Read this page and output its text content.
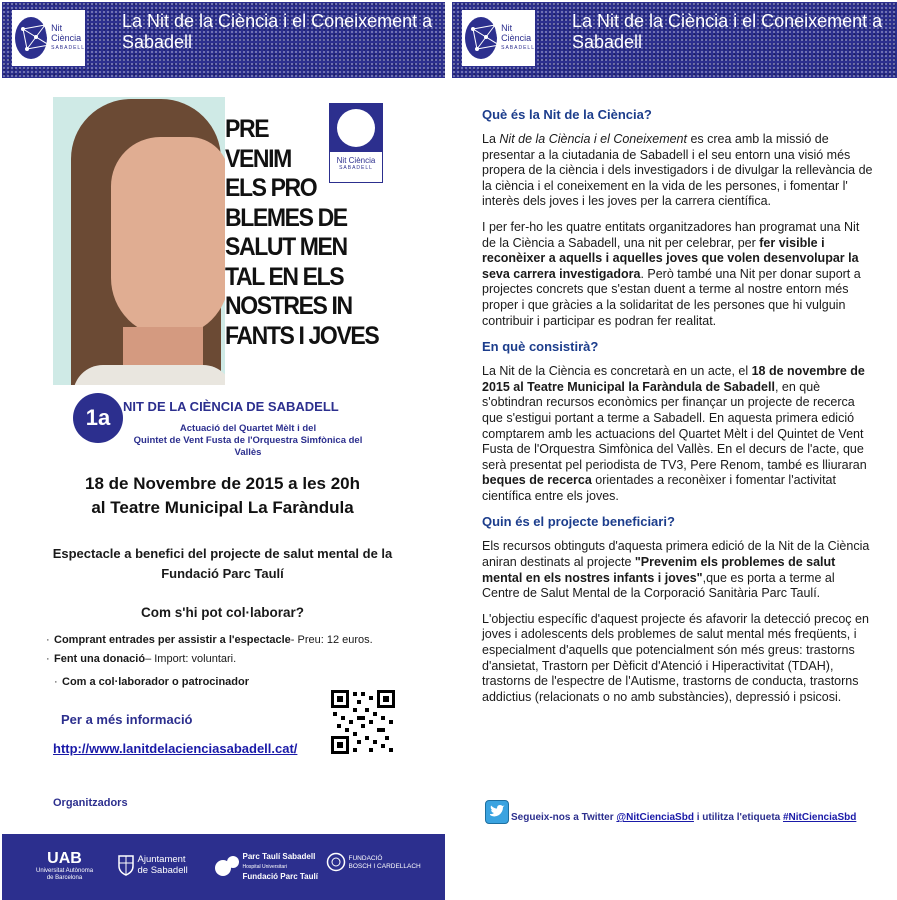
Nit Ciència
SABADELL
La Nit de la Ciència i el Coneixement a Sabadell
PRE
VENIM
ELS PRO
BLEMES DE
SALUT MEN
TAL EN ELS
NOSTRES IN
FANTS I JOVES
Nit Ciència
SABADELL
1a NIT DE LA CIÈNCIA DE SABADELL
Actuació del Quartet Mèlt i del
Quintet de Vent Fusta de l'Orquestra Simfònica del Vallès
18 de Novembre de 2015 a les 20h
al Teatre Municipal La Faràndula
Espectacle a benefici del projecte de salut mental de la
Fundació Parc Taulí
Com s'hi pot col·laborar?
· Comprant entrades per assistir a l'espectacle- Preu: 12 euros.
· Fent una donació– Import: voluntari.
· Com a col·laborador o patrocinador
Per a més informació
http://www.lanitdelacienciasabadell.cat/
Organitzadors
UAB
Universitat Autònoma
de Barcelona
Ajuntament
de Sabadell
Parc Taulí Sabadell
Hospital Universitari
Fundació Parc Taulí
FUNDACIÓ
BOSCH I CARDELLACH
Nit Ciència
SABADELL
La Nit de la Ciència i el Coneixement a Sabadell
Què és la Nit de la Ciència?

La Nit de la Ciència i el Coneixement es crea amb la missió de presentar a la ciutadania de Sabadell i el seu entorn una visió més propera de la ciència i dels investigadors i de divulgar la rellevància de la ciència i el coneixement en la vida de les persones, i fomentar l' interès dels joves i les joves per la carrera científica.

I per fer-ho les quatre entitats organitzadores han programat una Nit de la Ciència a Sabadell, una nit per celebrar, per fer visible i reconèixer a aquells i aquelles joves que volen desenvolupar la seva carrera investigadora. Però també una Nit per donar suport a projectes concrets que s'estan duent a terme al nostre entorn més proper i que gràcies a la solidaritat de les persones que hi vulguin contribuir i participar es podran fer realitat.

En què consistirà?

La Nit de la Ciència es concretarà en un acte, el 18 de novembre de 2015 al Teatre Municipal la Faràndula de Sabadell, en què s'obtindran recursos econòmics per finançar un projecte de recerca que s'estigui portant a terme a Sabadell. En aquesta primera edició comptarem amb les actuacions del Quartet Mèlt i del Quintet de Vent Fusta de l'Orquestra Simfònica del Vallès. En el decurs de l'acte, que serà presentat pel periodista de TV3, Pere Renom, també es lliuraran beques de recerca orientades a reconèixer i fomentar l'activitat científica entre els joves.

Quin és el projecte beneficiari?

Els recursos obtinguts d'aquesta primera edició de la Nit de la Ciència aniran destinats al projecte "Prevenim els problemes de salut mental en els nostres infants i joves",que es porta a terme al Centre de Salut Mental de la Corporació Sanitària Parc Taulí.

L'objectiu específic d'aquest projecte és afavorir la detecció precoç en joves i adolescents dels problemes de salut mental més freqüents, i especialment d'aquells que potencialment són més greus: trastorns d'ansietat, Trastorn per Dèficit d'Atenció i Hiperactivitat (TDAH), trastorns de l'espectre de l'Autisme, trastorns de conducta, trastorns addictius (relacionats o no amb substàncies), depressió i psicosi.

Segueix-nos a Twitter @NitCienciaSbd i utilitza l'etiqueta #NitCienciaSbd
